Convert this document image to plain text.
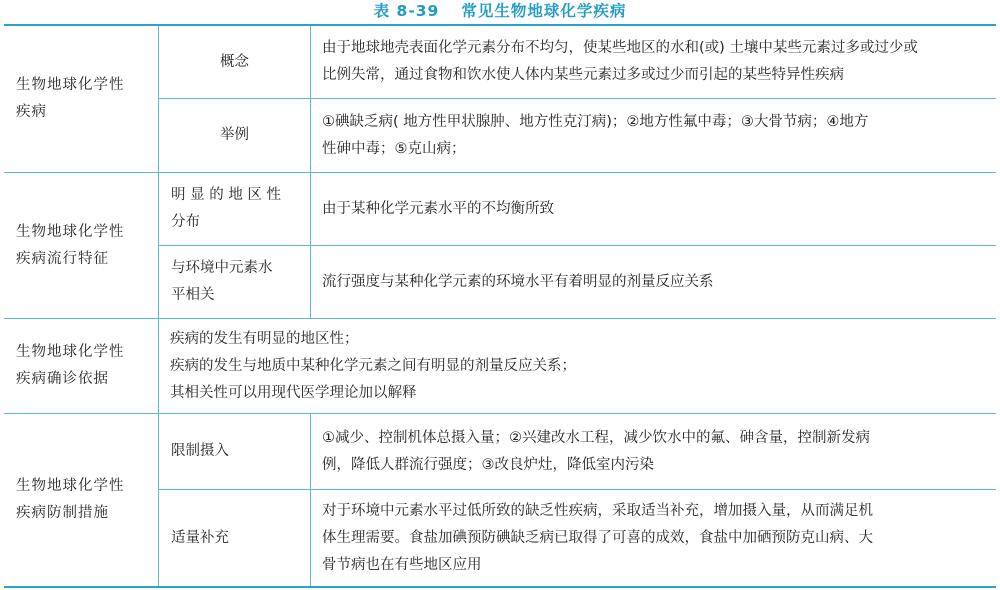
表 8-39 常见生物地球化学疾病
生物地球化学性
疾病
概念
由于地球地壳表面化学元素分布不均匀，使某些地区的水和(或) 土壤中某些元素过多或过少或
比例失常，通过食物和饮水使人体内某些元素过多或过少而引起的某些特异性疾病
举例
①碘缺乏病( 地方性甲状腺肿、地方性克汀病)；②地方性氟中毒；③大骨节病；④地方
性砷中毒；⑤克山病；
生物地球化学性
疾病流行特征
明 显 的 地 区 性
分布
由于某种化学元素水平的不均衡所致
与环境中元素水
平相关
流行强度与某种化学元素的环境水平有着明显的剂量反应关系
生物地球化学性
疾病确诊依据
疾病的发生有明显的地区性；
疾病的发生与地质中某种化学元素之间有明显的剂量反应关系；
其相关性可以用现代医学理论加以解释
生物地球化学性
疾病防制措施
限制摄入
①减少、控制机体总摄入量；②兴建改水工程，减少饮水中的氟、砷含量，控制新发病
例，降低人群流行强度；③改良炉灶，降低室内污染
适量补充
对于环境中元素水平过低所致的缺乏性疾病，采取适当补充，增加摄入量，从而满足机
体生理需要。食盐加碘预防碘缺乏病已取得了可喜的成效，食盐中加硒预防克山病、大
骨节病也在有些地区应用
